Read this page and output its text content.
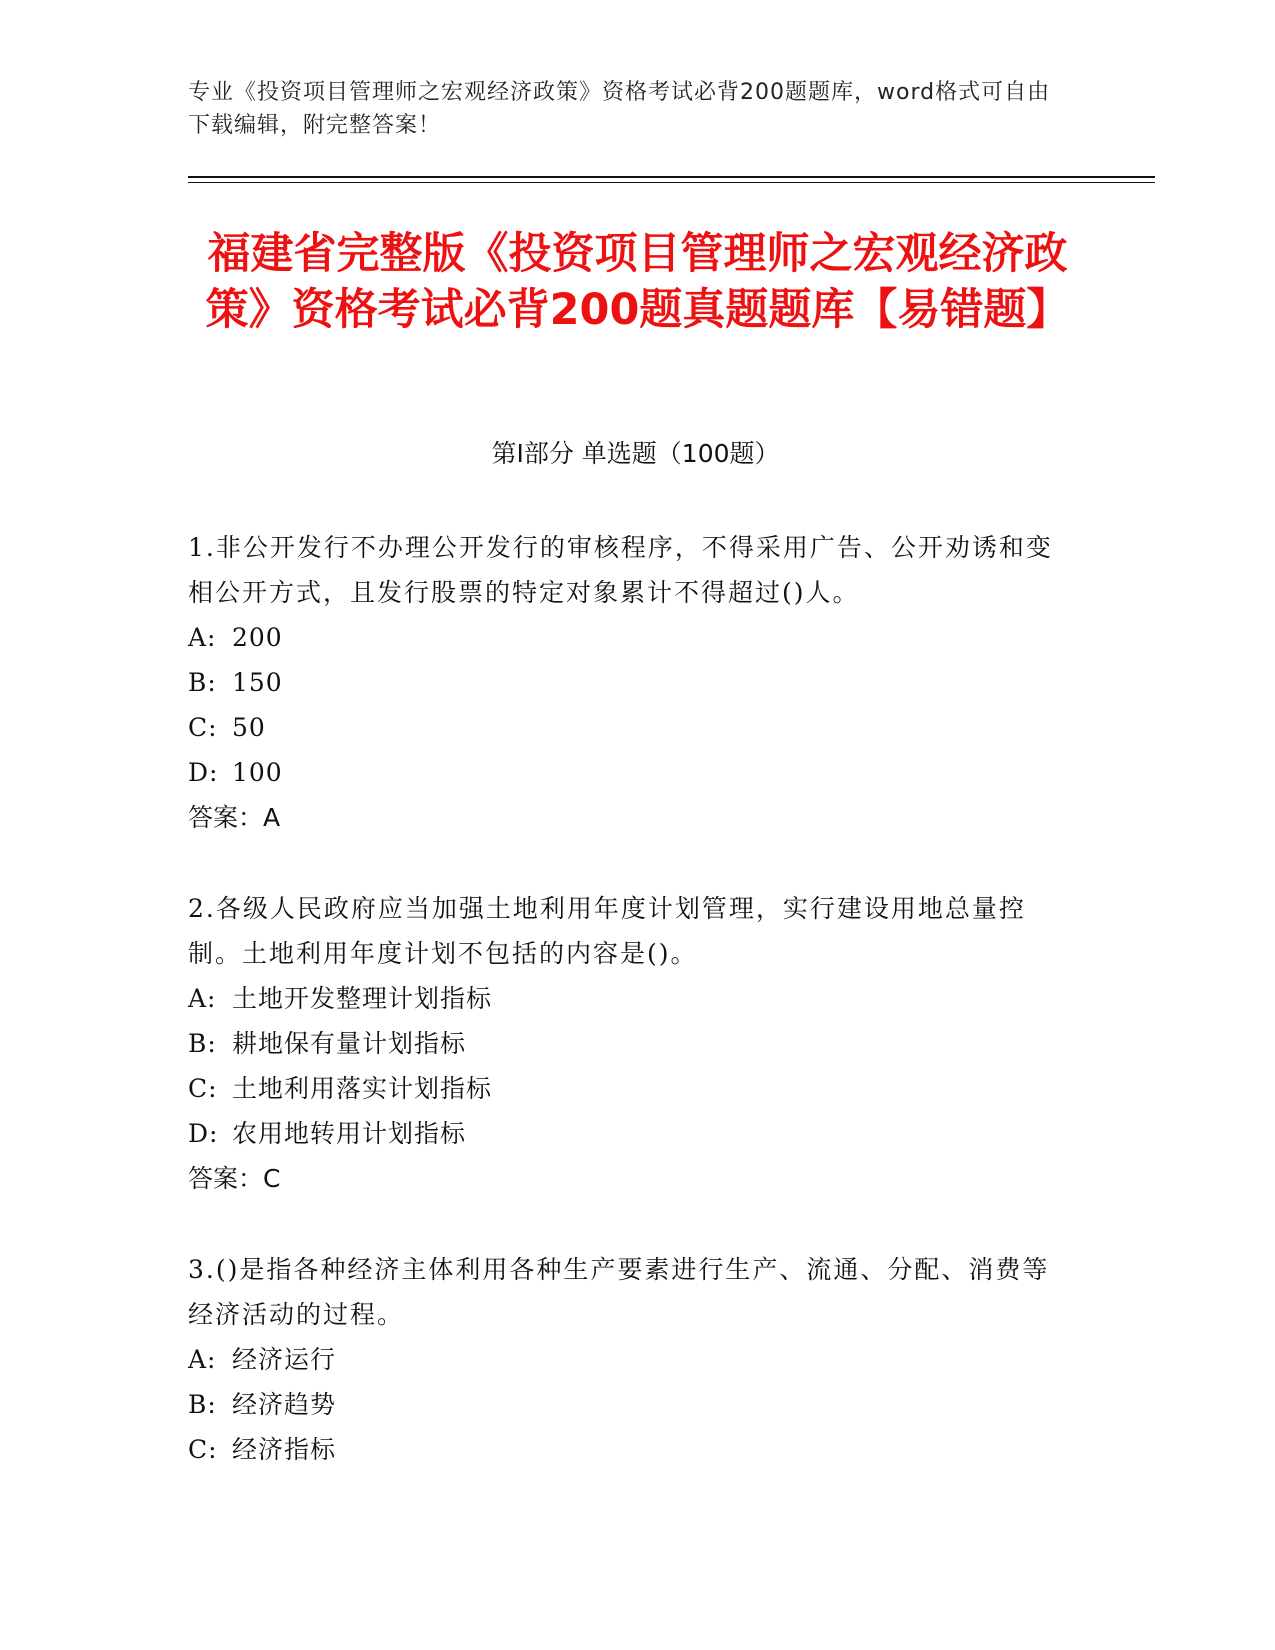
专业《投资项目管理师之宏观经济政策》资格考试必背200题题库，word格式可自由下载编辑，附完整答案！
福建省完整版《投资项目管理师之宏观经济政策》资格考试必背200题真题题库【易错题】
第I部分 单选题（100题）

1.非公开发行不办理公开发行的审核程序，不得采用广告、公开劝诱和变相公开方式，且发行股票的特定对象累计不得超过()人。

A: 200

B: 150

C: 50

D: 100

答案：A

2.各级人民政府应当加强土地利用年度计划管理，实行建设用地总量控制。土地利用年度计划不包括的内容是()。

A: 土地开发整理计划指标

B: 耕地保有量计划指标

C: 土地利用落实计划指标

D: 农用地转用计划指标

答案：C

3.()是指各种经济主体利用各种生产要素进行生产、流通、分配、消费等经济活动的过程。

A: 经济运行

B: 经济趋势

C: 经济指标
